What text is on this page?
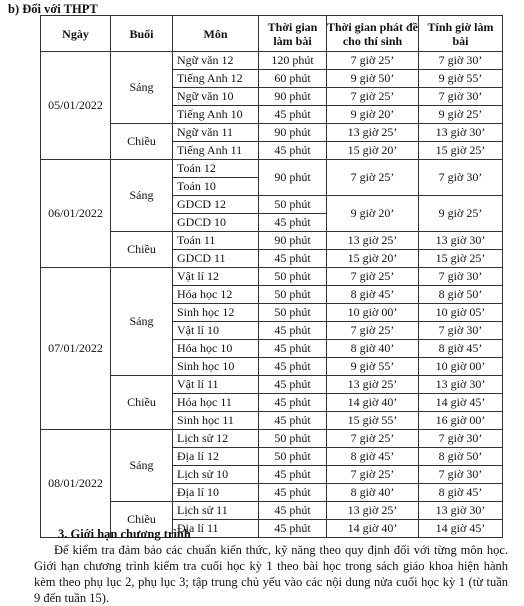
b) Đối với THPT
Ngày	Buổi	Môn	Thời gian làm bài	Thời gian phát đề cho thí sinh	Tính giờ làm bài
05/01/2022	Sáng	Ngữ văn 12	120 phút	7 giờ 25’	7 giờ 30’
		Tiếng Anh 12	60 phút	9 giờ 50’	9 giờ 55’
		Ngữ văn 10	90 phút	7 giờ 25’	7 giờ 30’
		Tiếng Anh 10	45 phút	9 giờ 20’	9 giờ 25’
	Chiều	Ngữ văn 11	90 phút	13 giờ 25’	13 giờ 30’
		Tiếng Anh 11	45 phút	15 giờ 20’	15 giờ 25’
06/01/2022	Sáng	Toán 12	90 phút	7 giờ 25’	7 giờ 30’
		Toán 10			
		GDCD 12	50 phút	9 giờ 20’	9 giờ 25’
		GDCD 10	45 phút		
	Chiều	Toán 11	90 phút	13 giờ 25’	13 giờ 30’
		GDCD 11	45 phút	15 giờ 20’	15 giờ 25’
07/01/2022	Sáng	Vật lí 12	50 phút	7 giờ 25’	7 giờ 30’
		Hóa học 12	50 phút	8 giờ 45’	8 giờ 50’
		Sinh học 12	50 phút	10 giờ 00’	10 giờ 05’
		Vật lí 10	45 phút	7 giờ 25’	7 giờ 30’
		Hóa học 10	45 phút	8 giờ 40’	8 giờ 45’
		Sinh học 10	45 phút	9 giờ 55’	10 giờ 00’
	Chiều	Vật lí 11	45 phút	13 giờ 25’	13 giờ 30’
		Hóa học 11	45 phút	14 giờ 40’	14 giờ 45’
		Sinh học 11	45 phút	15 giờ 55’	16 giờ 00’
08/01/2022	Sáng	Lịch sử 12	50 phút	7 giờ 25’	7 giờ 30’
		Địa lí 12	50 phút	8 giờ 45’	8 giờ 50’
		Lịch sử 10	45 phút	7 giờ 25’	7 giờ 30’
		Địa lí 10	45 phút	8 giờ 40’	8 giờ 45’
	Chiều	Lịch sử 11	45 phút	13 giờ 25’	13 giờ 30’
		Địa lí 11	45 phút	14 giờ 40’	14 giờ 45’
3. Giới hạn chương trình
Để kiểm tra đảm bảo các chuẩn kiến thức, kỹ năng theo quy định đối với từng môn học. Giới hạn chương trình kiểm tra cuối học kỳ 1 theo bài học trong sách giáo khoa hiện hành kèm theo phụ lục 2, phụ lục 3; tập trung chủ yếu vào các nội dung nửa cuối học kỳ 1 (từ tuần 9 đến tuần 15).
